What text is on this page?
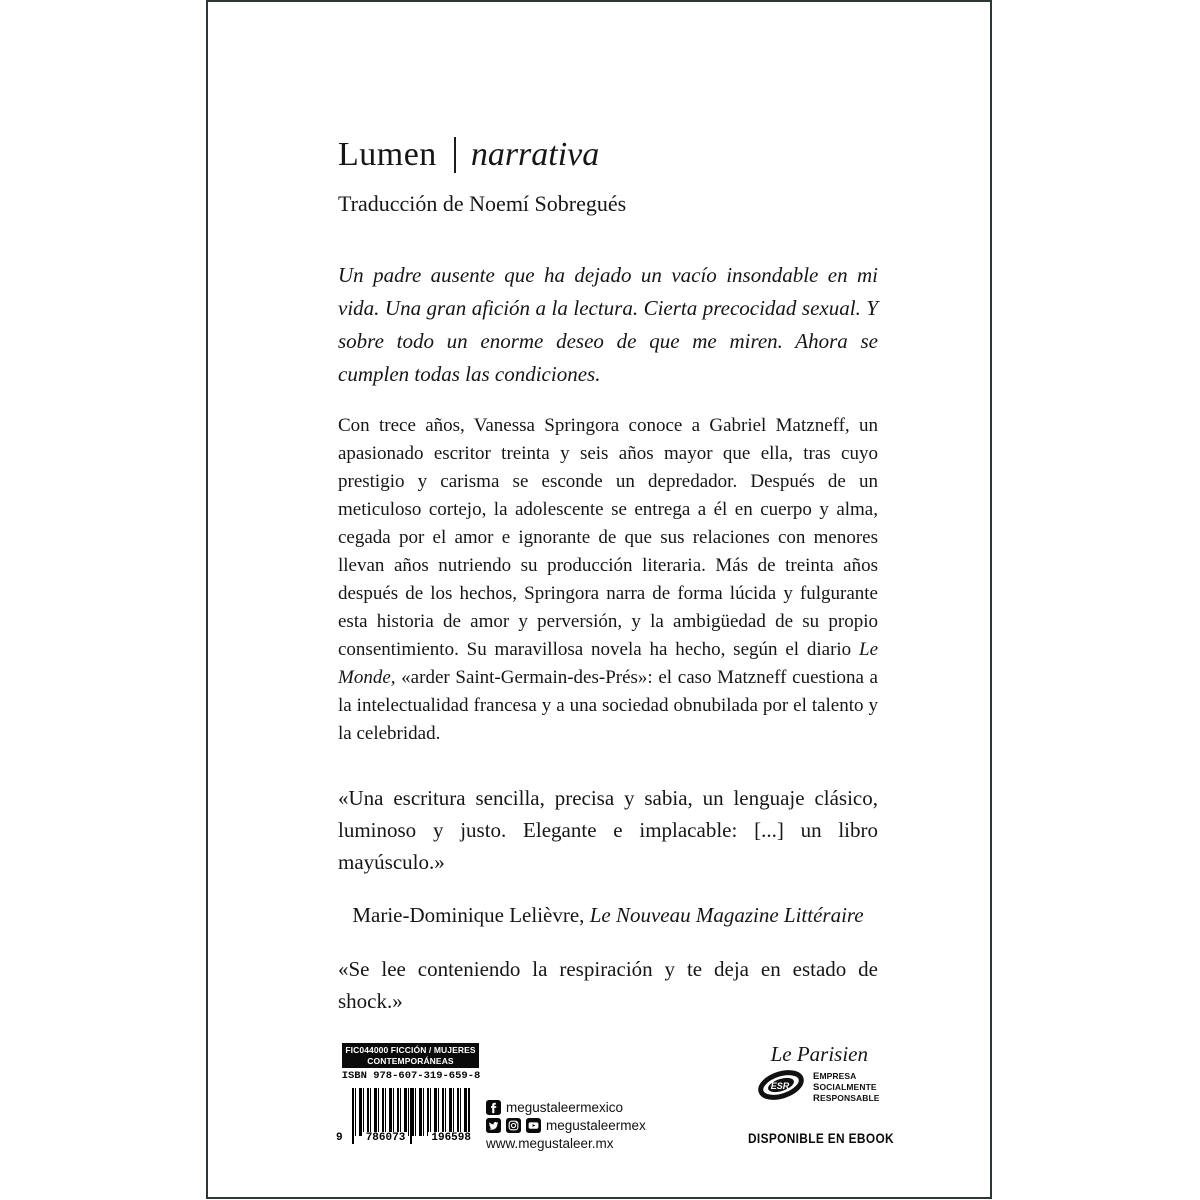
Lumen narrativa
Traducción de Noemí Sobregués

Un padre ausente que ha dejado un vacío insondable en mi vida. Una gran afición a la lectura. Cierta precocidad sexual. Y sobre todo un enorme deseo de que me miren. Ahora se cumplen todas las condiciones.

Con trece años, Vanessa Springora conoce a Gabriel Matzneff, un apasionado escritor treinta y seis años mayor que ella, tras cuyo prestigio y carisma se esconde un depredador. Después de un meticuloso cortejo, la adolescente se entrega a él en cuerpo y alma, cegada por el amor e ignorante de que sus relaciones con menores llevan años nutriendo su producción literaria. Más de treinta años después de los hechos, Springora narra de forma lúcida y fulgurante esta historia de amor y perversión, y la ambigüedad de su propio consentimiento. Su maravillosa novela ha hecho, según el diario Le Monde, «arder Saint-Germain-des-Prés»: el caso Matzneff cuestiona a la intelectualidad francesa y a una sociedad obnubilada por el talento y la celebridad.

«Una escritura sencilla, precisa y sabia, un lenguaje clásico, luminoso y justo. Elegante e implacable: [...] un libro mayúsculo.»

Marie-Dominique Lelièvre, Le Nouveau Magazine Littéraire

«Se lee conteniendo la respiración y te deja en estado de shock.»

Le Parisien
FIC044000 FICCIÓN / MUJERES
CONTEMPORÁNEAS
ISBN 978-607-319-659-8
9 786073 196598
megustaleermexico
megustaleermex
www.megustaleer.mx
ESR
EMPRESA
SOCIALMENTE
RESPONSABLE
DISPONIBLE EN EBOOK
